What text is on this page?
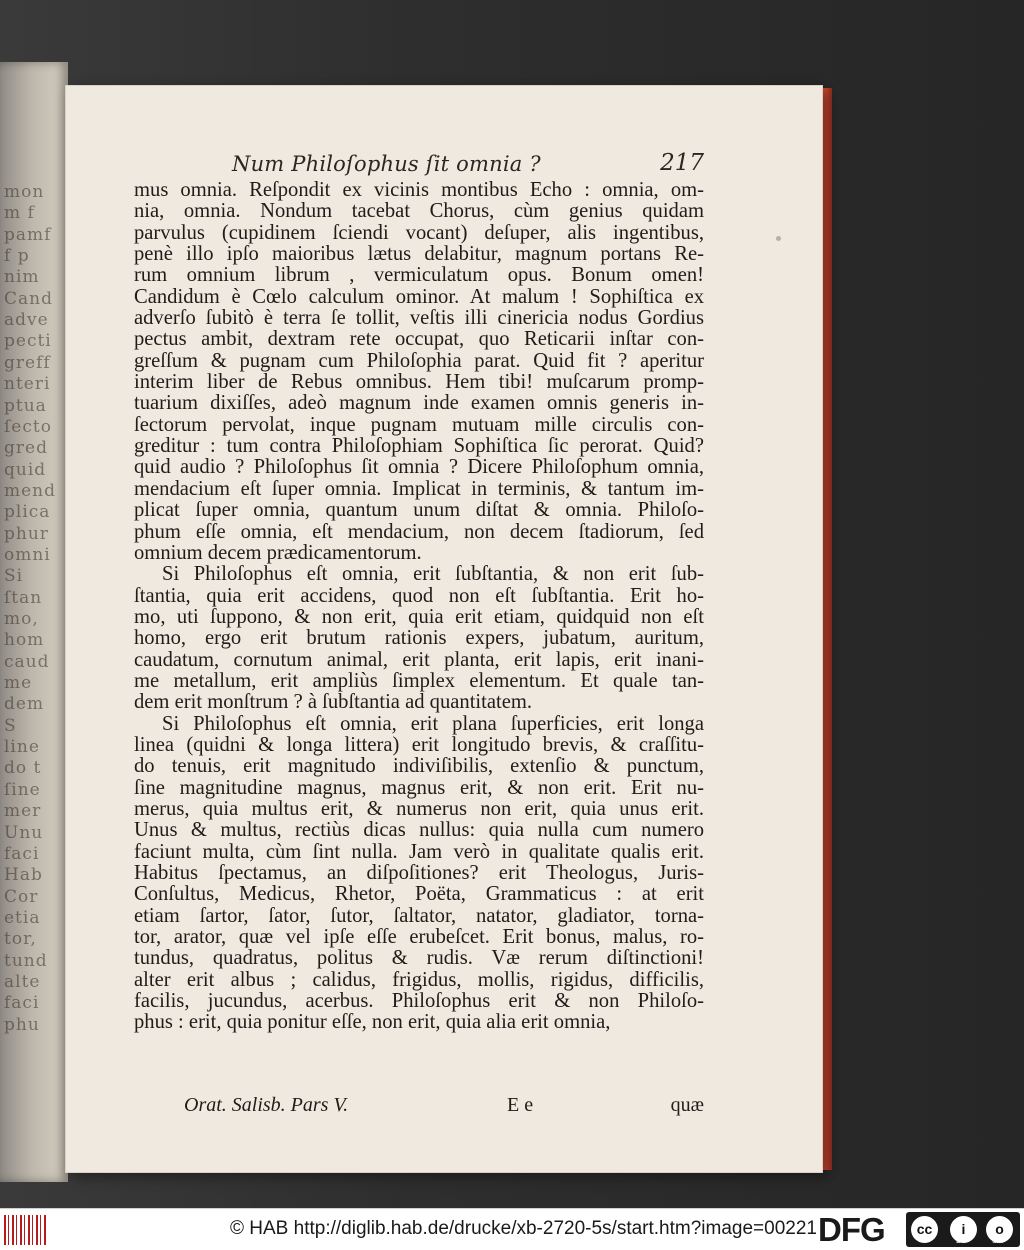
mon
m f
pamf
f p
nim
Cand
adve
pecti
greff
nteri
ptua
ſecto
gred
quid
mend
plica
phur
omni
Si
ſtan
mo,
hom
caud
me
dem
S
line
do t
ſine
mer
Unu
faci
Hab
Cor
etia
tor,
tund
alte
faci
phu
Num Philoſophus ſit omnia ?	217
mus omnia. Reſpondit ex vicinis montibus Echo : omnia, om-
nia, omnia. Nondum tacebat Chorus, cùm genius quidam
parvulus (cupidinem ſciendi vocant) deſuper, alis ingentibus,
penè illo ipſo maioribus lætus delabitur, magnum portans Re-
rum omnium librum , vermiculatum opus. Bonum omen!
Candidum è Cœlo calculum ominor. At malum ! Sophiſtica ex
adverſo ſubitò è terra ſe tollit, veſtis illi cinericia nodus Gordius
pectus ambit, dextram rete occupat, quo Reticarii inſtar con-
greſſum & pugnam cum Philoſophia parat. Quid fit ? aperitur
interim liber de Rebus omnibus. Hem tibi! muſcarum promp-
tuarium dixiſſes, adeò magnum inde examen omnis generis in-
ſectorum pervolat, inque pugnam mutuam mille circulis con-
greditur : tum contra Philoſophiam Sophiſtica ſic perorat. Quid?
quid audio ? Philoſophus ſit omnia ? Dicere Philoſophum omnia,
mendacium eſt ſuper omnia. Implicat in terminis, & tantum im-
plicat ſuper omnia, quantum unum diſtat & omnia. Philoſo-
phum eſſe omnia, eſt mendacium, non decem ſtadiorum, ſed
omnium decem prædicamentorum.
Si Philoſophus eſt omnia, erit ſubſtantia, & non erit ſub-
ſtantia, quia erit accidens, quod non eſt ſubſtantia. Erit ho-
mo, uti ſuppono, & non erit, quia erit etiam, quidquid non eſt
homo, ergo erit brutum rationis expers, jubatum, auritum,
caudatum, cornutum animal, erit planta, erit lapis, erit inani-
me metallum, erit ampliùs ſimplex elementum. Et quale tan-
dem erit monſtrum ? à ſubſtantia ad quantitatem.
Si Philoſophus eſt omnia, erit plana ſuperficies, erit longa
linea (quidni & longa littera) erit longitudo brevis, & craſſitu-
do tenuis, erit magnitudo indiviſibilis, extenſio & punctum,
ſine magnitudine magnus, magnus erit, & non erit. Erit nu-
merus, quia multus erit, & numerus non erit, quia unus erit.
Unus & multus, rectiùs dicas nullus: quia nulla cum numero
faciunt multa, cùm ſint nulla. Jam verò in qualitate qualis erit.
Habitus ſpectamus, an diſpoſitiones? erit Theologus, Juris-
Conſultus, Medicus, Rhetor, Poëta, Grammaticus : at erit
etiam ſartor, ſator, ſutor, ſaltator, natator, gladiator, torna-
tor, arator, quæ vel ipſe eſſe erubeſcet. Erit bonus, malus, ro-
tundus, quadratus, politus & rudis. Væ rerum diſtinctioni!
alter erit albus ; calidus, frigidus, mollis, rigidus, difficilis,
facilis, jucundus, acerbus. Philoſophus erit & non Philoſo-
phus : erit, quia ponitur eſſe, non erit, quia alia erit omnia,
Orat. Salisb. Pars V.	E e	quæ
© HAB http://diglib.hab.de/drucke/xb-2720-5s/start.htm?image=00221 DFG	cc	i	o
BY	SA
